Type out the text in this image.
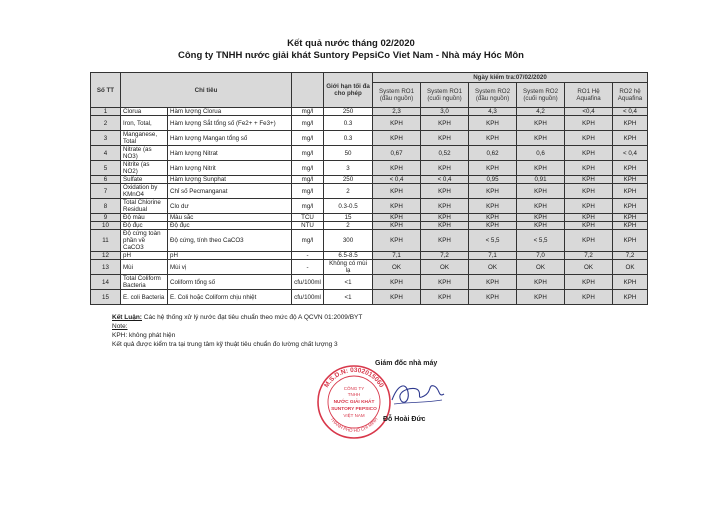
Kết quả nước tháng 02/2020
Công ty TNHH nước giải khát Suntory PepsiCo Viet Nam - Nhà máy Hóc Môn
Số TT	Chỉ tiêu			Giới hạn tối đa cho phép	Ngày kiểm tra:07/02/2020					
					System RO1 (đầu nguồn)	System RO1 (cuối nguồn)	System RO2 (đầu nguồn)	System RO2 (cuối nguồn)	RO1 Hệ Aquafina	RO2 hệ Aquafina
1	Clorua	Hàm lượng Clorua	mg/l	250	2,3	3,0	4,3	4,2	<0,4	< 0,4
2	Iron, Total,	Hàm lượng Sắt tổng số (Fe2+ + Fe3+)	mg/l	0.3	KPH	KPH	KPH	KPH	KPH	KPH
3	Manganese, Total	Hàm lượng Mangan tổng số	mg/l	0.3	KPH	KPH	KPH	KPH	KPH	KPH
4	Nitrate (as NO3)	Hàm lượng Nitrat	mg/l	50	0,67	0,52	0,62	0,6	KPH	< 0,4
5	Nitrite (as NO2)	Hàm lượng Nitrit	mg/l	3	KPH	KPH	KPH	KPH	KPH	KPH
6	Sulfate	Hàm lượng Sunphat	mg/l	250	< 0,4	< 0,4	0,95	0,91	KPH	KPH
7	Oxidation by KMnO4	Chỉ số Pecmanganat	mg/l	2	KPH	KPH	KPH	KPH	KPH	KPH
8	Total Chlorine Residual	Clo dư	mg/l	0.3-0.5	KPH	KPH	KPH	KPH	KPH	KPH
9	Độ màu	Màu sắc	TCU	15	KPH	KPH	KPH	KPH	KPH	KPH
10	Độ đục	Độ đục	NTU	2	KPH	KPH	KPH	KPH	KPH	KPH
11	Độ cứng toàn phần về CaCO3	Độ cứng, tính theo CaCO3	mg/l	300	KPH	KPH	< 5,5	< 5,5	KPH	KPH
12	pH	pH	-	6.5-8.5	7,1	7,2	7,1	7,0	7,2	7,2
13	Mùi	Mùi vị	-	Không có mùi lạ	OK	OK	OK	OK	OK	OK
14	Total Coliform Bacteria	Coliform tổng số	cfu/100ml	<1	KPH	KPH	KPH	KPH	KPH	KPH
15	E. coli Bacteria	E. Coli hoặc Coliform chịu nhiệt	cfu/100ml	<1	KPH	KPH	KPH	KPH	KPH	KPH
Kết Luận: Các hệ thống xử lý nước đạt tiêu chuẩn theo mức độ A QCVN 01:2009/BYT
Note:
KPH: không phát hiện
Kết quả được kiểm tra tại trung tâm kỹ thuật tiêu chuẩn đo lường chất lượng 3
Giám đốc nhà máy
M.S.D.N: 0302015060
THÀNH PHỐ HỒ CHÍ MINH
CÔNG TY
TNHH
NƯỚC GIẢI KHÁT
SUNTORY PEPSICO
VIỆT NAM
Đỗ Hoài Đức
